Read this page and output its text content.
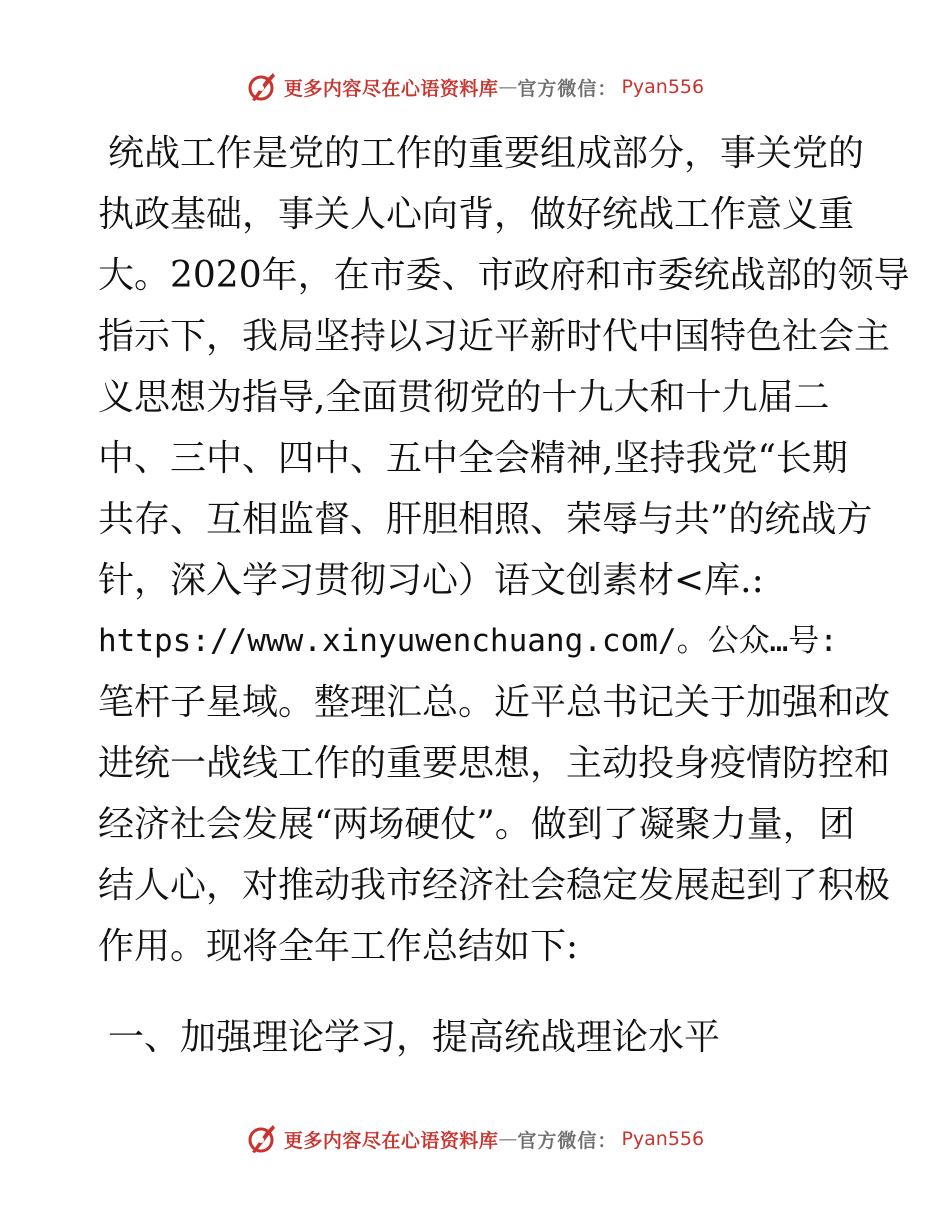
更多内容尽在心语资料库 — 官方微信： Pyan556
统战工作是党的工作的重要组成部分，事关党的
执政基础，事关人心向背，做好统战工作意义重
大。2020年，在市委、市政府和市委统战部的领导
指示下，我局坚持以习近平新时代中国特色社会主
义思想为指导,全面贯彻党的十九大和十九届二
中、三中、四中、五中全会精神,坚持我党“长期
共存、互相监督、肝胆相照、荣辱与共”的统战方
针，深入学习贯彻习心）语文创素材<库.:
https://www.xinyuwenchuang.com/。公众…号:
笔杆子星域。整理汇总。近平总书记关于加强和改
进统一战线工作的重要思想，主动投身疫情防控和
经济社会发展“两场硬仗”。做到了凝聚力量，团
结人心，对推动我市经济社会稳定发展起到了积极
作用。现将全年工作总结如下:
一、加强理论学习，提高统战理论水平
更多内容尽在心语资料库 — 官方微信： Pyan556
